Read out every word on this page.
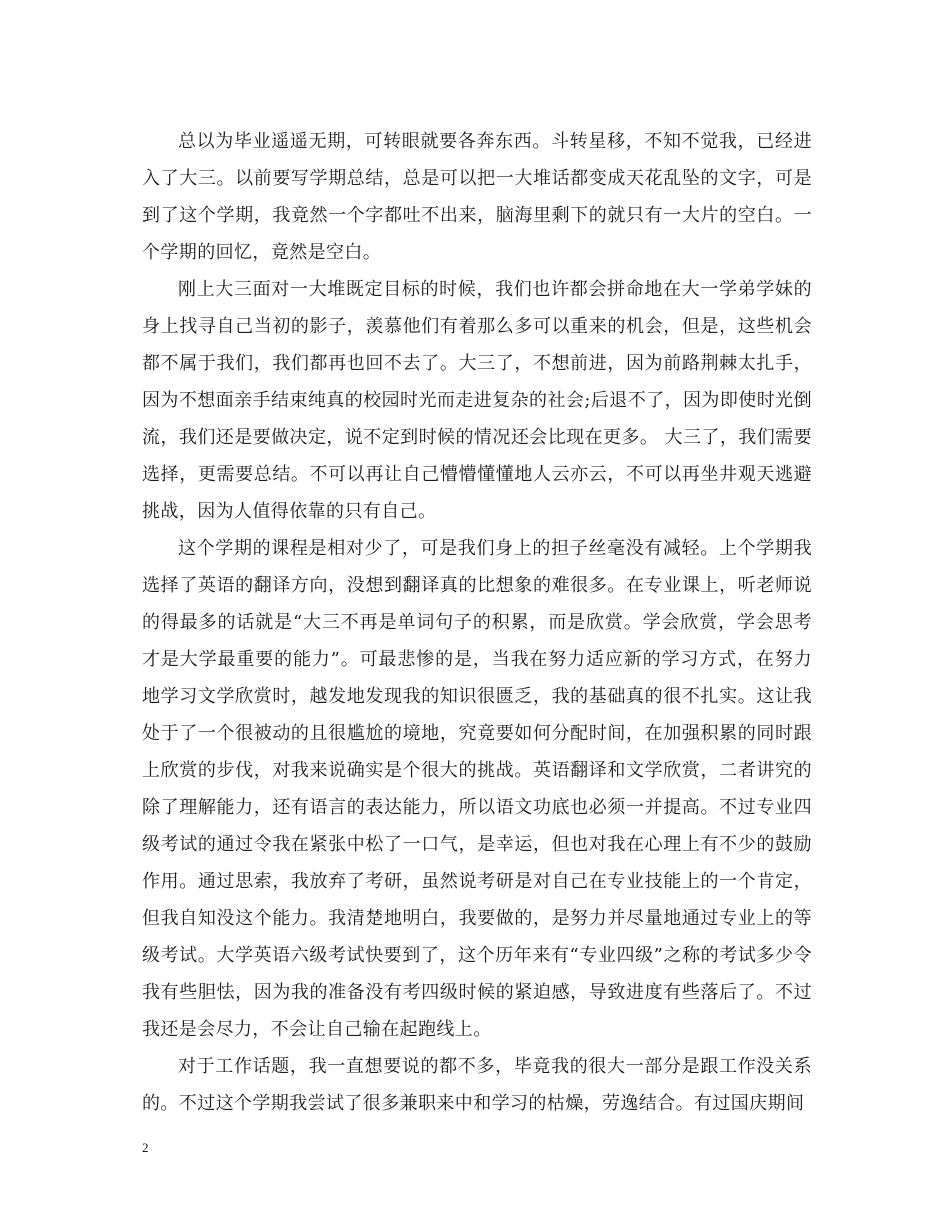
总以为毕业遥遥无期，可转眼就要各奔东西。斗转星移，不知不觉我，已经进入了大三。以前要写学期总结，总是可以把一大堆话都变成天花乱坠的文字，可是到了这个学期，我竟然一个字都吐不出来，脑海里剩下的就只有一大片的空白。一个学期的回忆，竟然是空白。

刚上大三面对一大堆既定目标的时候，我们也许都会拼命地在大一学弟学妹的身上找寻自己当初的影子，羡慕他们有着那么多可以重来的机会，但是，这些机会都不属于我们，我们都再也回不去了。大三了，不想前进，因为前路荆棘太扎手，因为不想面亲手结束纯真的校园时光而走进复杂的社会;后退不了，因为即使时光倒流，我们还是要做决定，说不定到时候的情况还会比现在更多。 大三了，我们需要选择，更需要总结。不可以再让自己懵懵懂懂地人云亦云，不可以再坐井观天逃避挑战，因为人值得依靠的只有自己。

这个学期的课程是相对少了，可是我们身上的担子丝毫没有减轻。上个学期我选择了英语的翻译方向，没想到翻译真的比想象的难很多。在专业课上，听老师说的得最多的话就是“大三不再是单词句子的积累，而是欣赏。学会欣赏，学会思考才是大学最重要的能力”。可最悲惨的是，当我在努力适应新的学习方式，在努力地学习文学欣赏时，越发地发现我的知识很匮乏，我的基础真的很不扎实。这让我处于了一个很被动的且很尴尬的境地，究竟要如何分配时间，在加强积累的同时跟上欣赏的步伐，对我来说确实是个很大的挑战。英语翻译和文学欣赏，二者讲究的除了理解能力，还有语言的表达能力，所以语文功底也必须一并提高。不过专业四级考试的通过令我在紧张中松了一口气，是幸运，但也对我在心理上有不少的鼓励作用。通过思索，我放弃了考研，虽然说考研是对自己在专业技能上的一个肯定，但我自知没这个能力。我清楚地明白，我要做的，是努力并尽量地通过专业上的等级考试。大学英语六级考试快要到了，这个历年来有“专业四级”之称的考试多少令我有些胆怯，因为我的准备没有考四级时候的紧迫感，导致进度有些落后了。不过我还是会尽力，不会让自己输在起跑线上。

对于工作话题，我一直想要说的都不多，毕竟我的很大一部分是跟工作没关系的。不过这个学期我尝试了很多兼职来中和学习的枯燥，劳逸结合。有过国庆期间

2
